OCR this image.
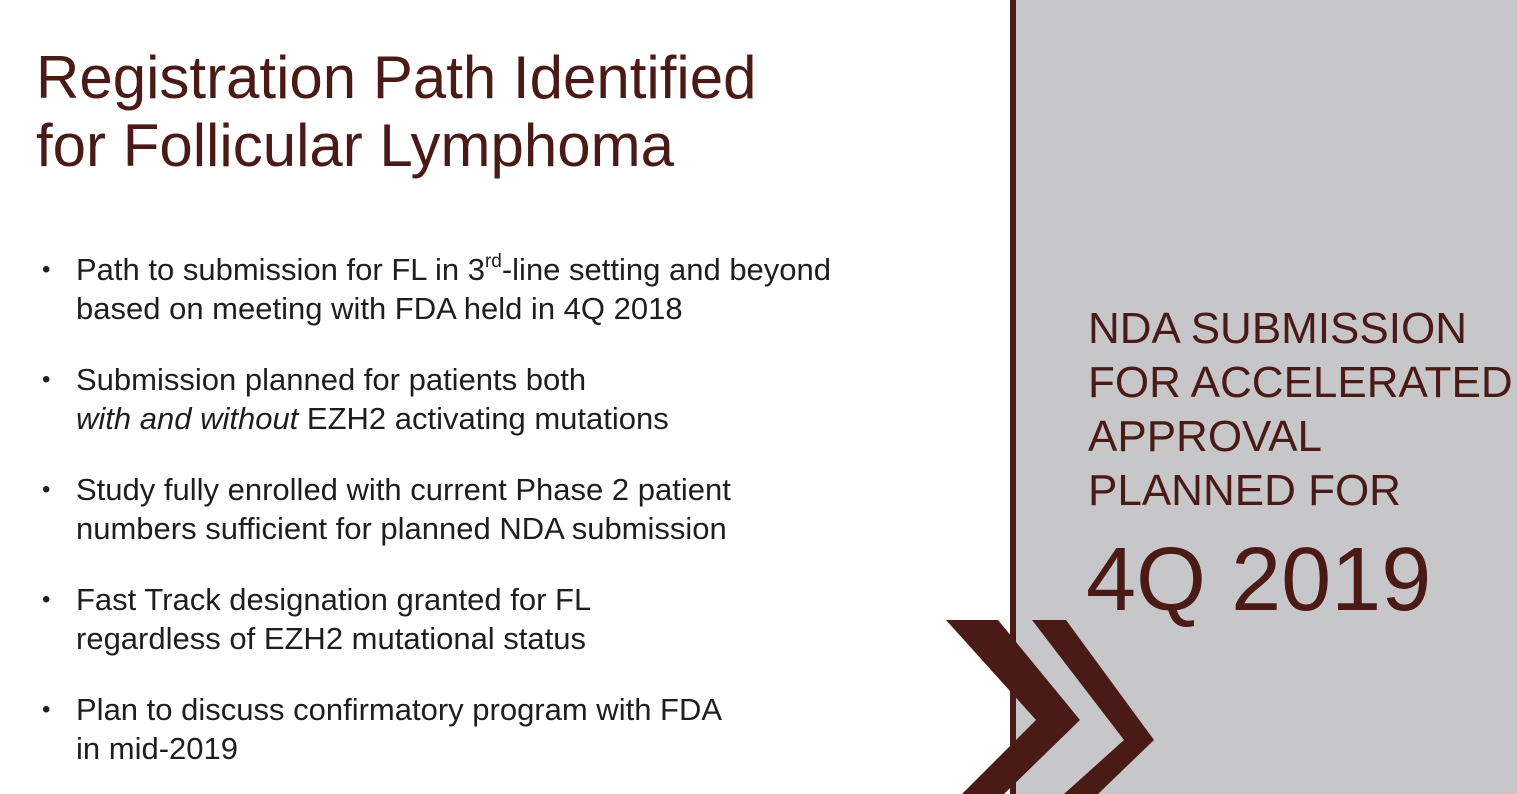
Registration Path Identified
for Follicular Lymphoma
• Path to submission for FL in 3rd-line setting and beyond
based on meeting with FDA held in 4Q 2018
• Submission planned for patients both
with and without EZH2 activating mutations
• Study fully enrolled with current Phase 2 patient
numbers sufficient for planned NDA submission
• Fast Track designation granted for FL
regardless of EZH2 mutational status
• Plan to discuss confirmatory program with FDA
in mid-2019
NDA SUBMISSION
FOR ACCELERATED
APPROVAL
PLANNED FOR
4Q 2019
